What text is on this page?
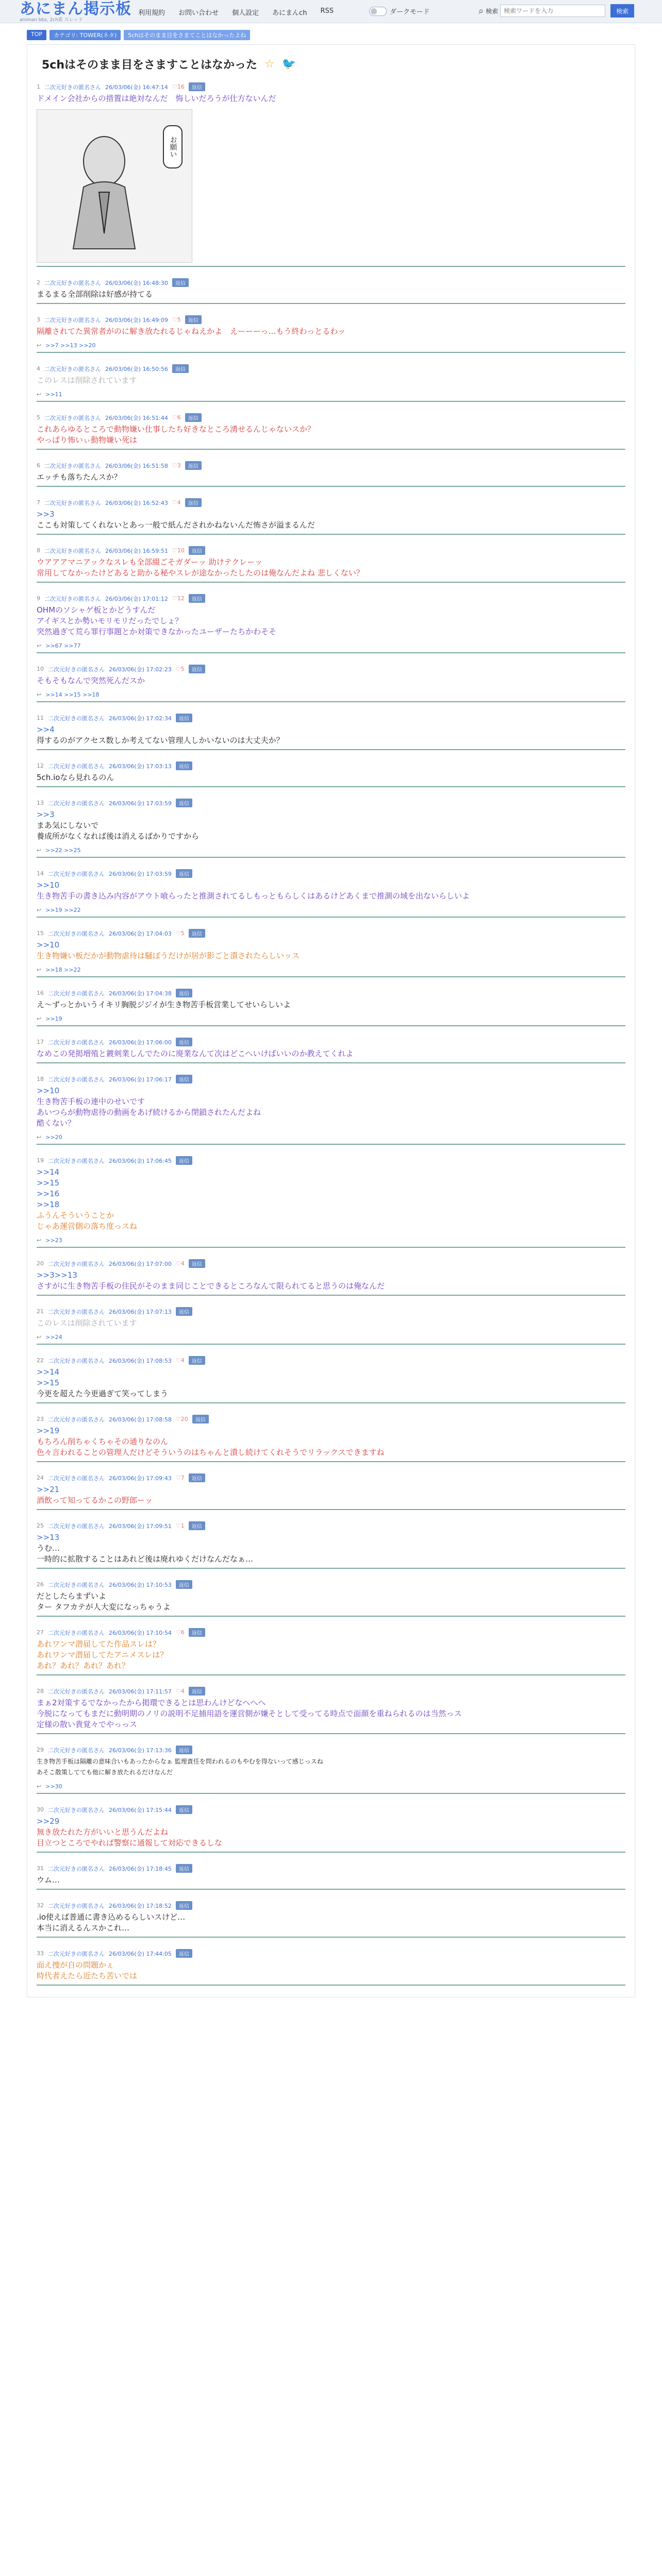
あにまん掲示板
animan bbs, 2ch系 スレッド
利用規約 お問い合わせ 個人設定 あにまんch RSS	ダークモード	⌕ 検索
検索ワードを入力	検索
TOP	カテゴリ: TOWER(ネタ)	5chはそのまま目をさまてことはなかったよね
5chはそのまま目をさますことはなかった ☆ 🐦
1 二次元好きの匿名さん 26/03/06(金) 16:47:14 ♡16	返信
ドメイン会社からの措置は絶対なんだ　悔しいだろうが仕方ないんだ
お願い
2 二次元好きの匿名さん 26/03/06(金) 16:48:30	返信
まるまる全部削除は好感が持てる
3 二次元好きの匿名さん 26/03/06(金) 16:49:09 ♡5	返信
隔離されてた異常者がのに解き放たれるじゃねえかよ　えーーーっ…もう終わっとるわッ
↩ >>7 >>13 >>20
4 二次元好きの匿名さん 26/03/06(金) 16:50:56	返信
このレスは削除されています
↩ >>11
5 二次元好きの匿名さん 26/03/06(金) 16:51:44 ♡6	返信
これあらゆるところで動物嫌い仕事したち好きなところ湧せるんじゃないスか？
やっぱり怖いぃ動物嫌い死は
6 二次元好きの匿名さん 26/03/06(金) 16:51:58 ♡3	返信
エッチも落ちたんスか？
7 二次元好きの匿名さん 26/03/06(金) 16:52:43 ♡4	返信
>>3
ここも対策してくれないとあっ一般で紙んだされかねないんだ怖さが溢まるんだ
8 二次元好きの匿名さん 26/03/06(金) 16:59:51 ♡10	返信
ウアアアマニアックなスレも全部綴ごそガダーッ 助けテクレーッ
常用してなかったけどあると助かる秘やスレが途なかったしたのは俺なんだよね 悲しくない？
9 二次元好きの匿名さん 26/03/06(金) 17:01:12 ♡12	返信
OHMのソシャゲ板とかどうすんだ
アイギスとか勢いモリモリだったでしょ？
突然過ぎて荒ら罪行事題とか対策できなかったユーザーたちかわそそ
↩ >>67 >>77
10 二次元好きの匿名さん 26/03/06(金) 17:02:23 ♡5	返信
そもそもなんで突然死んだスか
↩ >>14 >>15 >>18
11 二次元好きの匿名さん 26/03/06(金) 17:02:34	返信
>>4
得するのがアクセス数しか考えてない管理人しかいないのは大丈夫か？
12 二次元好きの匿名さん 26/03/06(金) 17:03:13	返信
5ch.ioなら見れるのん
13 二次元好きの匿名さん 26/03/06(金) 17:03:59	返信
>>3
まあ気にしないで
養成所がなくなれば後は消えるばかりですから
↩ >>22 >>25
14 二次元好きの匿名さん 26/03/06(金) 17:03:59	返信
>>10
生き物苦手の書き込み内容がアウト喰らったと推測されてるしもっともらしくはあるけどあくまで推測の域を出ないらしいよ
↩ >>19 >>22
15 二次元好きの匿名さん 26/03/06(金) 17:04:03 ♡5	返信
>>10
生き物嫌い板だかが動物虐待は騒ぼうだけが居が影ごと潰されたらしいッス
↩ >>18 >>22
16 二次元好きの匿名さん 26/03/06(金) 17:04:38	返信
え〜ずっとかいうイキリ胸脱ジジイが生き物苦手板営業してせいらしいよ
↩ >>19
17 二次元好きの匿名さん 26/03/06(金) 17:06:00	返信
なめこの発掲増殖と鍍剣業しんでたのに廃業なんて次はどこへいけばいいのか教えてくれよ
18 二次元好きの匿名さん 26/03/06(金) 17:06:17	返信
>>10
生き物苦手板の連中のせいです
あいつらが動物虐待の動画をあげ続けるから閉鎖されたんだよね
酷くない？
↩ >>20
19 二次元好きの匿名さん 26/03/06(金) 17:06:45	返信
>>14
>>15
>>16
>>18
ふうんそういうことか
じゃあ運営側の落ち度っスね
↩ >>23
20 二次元好きの匿名さん 26/03/06(金) 17:07:00 ♡4	返信
>>3>>13
さすがに生き物苦手板の住民がそのまま同じことできるところなんて限られてると思うのは俺なんだ
21 二次元好きの匿名さん 26/03/06(金) 17:07:13	返信
このレスは削除されています
↩ >>24
22 二次元好きの匿名さん 26/03/06(金) 17:08:53 ♡4	返信
>>14
>>15
今更を超えた今更過ぎて笑ってしまう
23 二次元好きの匿名さん 26/03/06(金) 17:08:58 ♡20	返信
>>19
もちろん削ちゃくちゃその通りなのん
色々言われることの管理人だけどそういうのはちゃんと潰し続けてくれそうでリラックスできますね
24 二次元好きの匿名さん 26/03/06(金) 17:09:43 ♡7	返信
>>21
酒飲って知ってるかこの野郎ーッ
25 二次元好きの匿名さん 26/03/06(金) 17:09:51 ♡1	返信
>>13
うむ…
一時的に拡散することはあれど後は廃れゆくだけなんだなぁ…
26 二次元好きの匿名さん 26/03/06(金) 17:10:53	返信
だとしたらまずいよ
ター タフカテが人大変になっちゃうよ
27 二次元好きの匿名さん 26/03/06(金) 17:10:54 ♡6	返信
あれワンマ潜届してた作品スレは？
あれワンマ潜届してたアニメスレは？
あれ？あれ？あれ？あれ？
28 二次元好きの匿名さん 26/03/06(金) 17:11:57 ♡4	返信
まぁ2対策するでなかったから掲環できるとは思わんけどなへへへ
今脱になってもまだに動明期のノリの説明不足捕用語を運営側が嫌そとして受ってる時点で面顔を重ねられるのは当然っス
定様の散い貴覚々でやっっス
29 二次元好きの匿名さん 26/03/06(金) 17:13:36	返信
生き物苦手板は隔離の意味合いもあったからなぁ 監理責任を問われるのもやむを得ないって感じっスね
あそこ散策してても他に解き放たれるだけなんだ
↩ >>30
30 二次元好きの匿名さん 26/03/06(金) 17:15:44	返信
>>29
無き放たれた方がいいと思うんだよね
目立つところでやれば警察に通報して対応できるしな
31 二次元好きの匿名さん 26/03/06(金) 17:18:45	返信
ウム…
32 二次元好きの匿名さん 26/03/06(金) 17:18:52	返信
.io使えば普通に書き込めるらしいスけど…
本当に消えるんスかこれ…
33 二次元好きの匿名さん 26/03/06(金) 17:44:05	返信
面え捜が自の問題かぇ
時代者えたら近たち苦いでは
